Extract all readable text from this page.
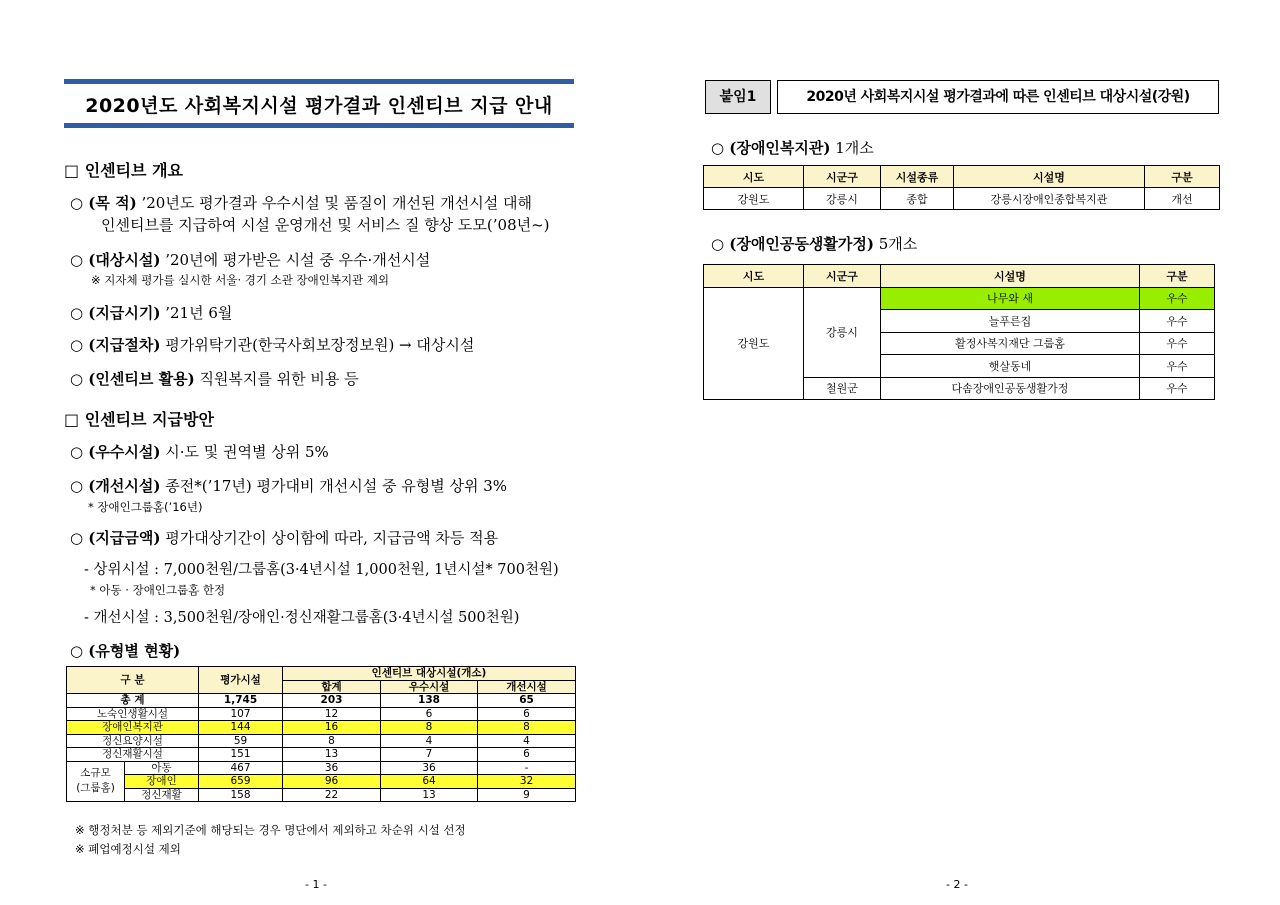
2020년도 사회복지시설 평가결과 인센티브 지급 안내
□ 인센티브 개요
○ (목 적) ’20년도 평가결과 우수시설 및 품질이 개선된 개선시설 대해
인센티브를 지급하여 시설 운영개선 및 서비스 질 향상 도모(’08년~)
○ (대상시설) ’20년에 평가받은 시설 중 우수·개선시설
※ 지자체 평가를 실시한 서울· 경기 소관 장애인복지관 제외
○ (지급시기) ’21년 6월
○ (지급절차) 평가위탁기관(한국사회보장정보원) → 대상시설
○ (인센티브 활용) 직원복지를 위한 비용 등
□ 인센티브 지급방안
○ (우수시설) 시·도 및 권역별 상위 5%
○ (개선시설) 종전*(’17년) 평가대비 개선시설 중 유형별 상위 3%
* 장애인그룹홈(’16년)
○ (지급금액) 평가대상기간이 상이함에 따라, 지급금액 차등 적용
- 상위시설 : 7,000천원/그룹홈(3·4년시설 1,000천원, 1년시설* 700천원)
* 아동 · 장애인그룹홈 한정
- 개선시설 : 3,500천원/장애인·정신재활그룹홈(3·4년시설 500천원)
○ (유형별 현황)
구 분		평가시설	인센티브 대상시설(개소)		
			합계	우수시설	개선시설
총 계		1,745	203	138	65
노숙인생활시설		107	12	6	6
장애인복지관		144	16	8	8
정신요양시설		59	8	4	4
정신재활시설		151	13	7	6
소규모
(그룹홈)	아동	467	36	36	-
	장애인	659	96	64	32
	정신재활	158	22	13	9
※ 행정처분 등 제외기준에 해당되는 경우 명단에서 제외하고 차순위 시설 선정
※ 폐업예정시설 제외
- 1 -
붙임1	2020년 사회복지시설 평가결과에 따른 인센티브 대상시설(강원)
○ (장애인복지관) 1개소
시도	시군구	시설종류	시설명	구분
강원도	강릉시	종합	강릉시장애인종합복지관	개선
○ (장애인공동생활가정) 5개소
시도	시군구	시설명	구분
강원도	강릉시	나무와 새	우수
		늘푸른집	우수
		활정사복지재단 그룹홈	우수
		햇살동네	우수
	철원군	다솜장애인공동생활가정	우수
- 2 -
